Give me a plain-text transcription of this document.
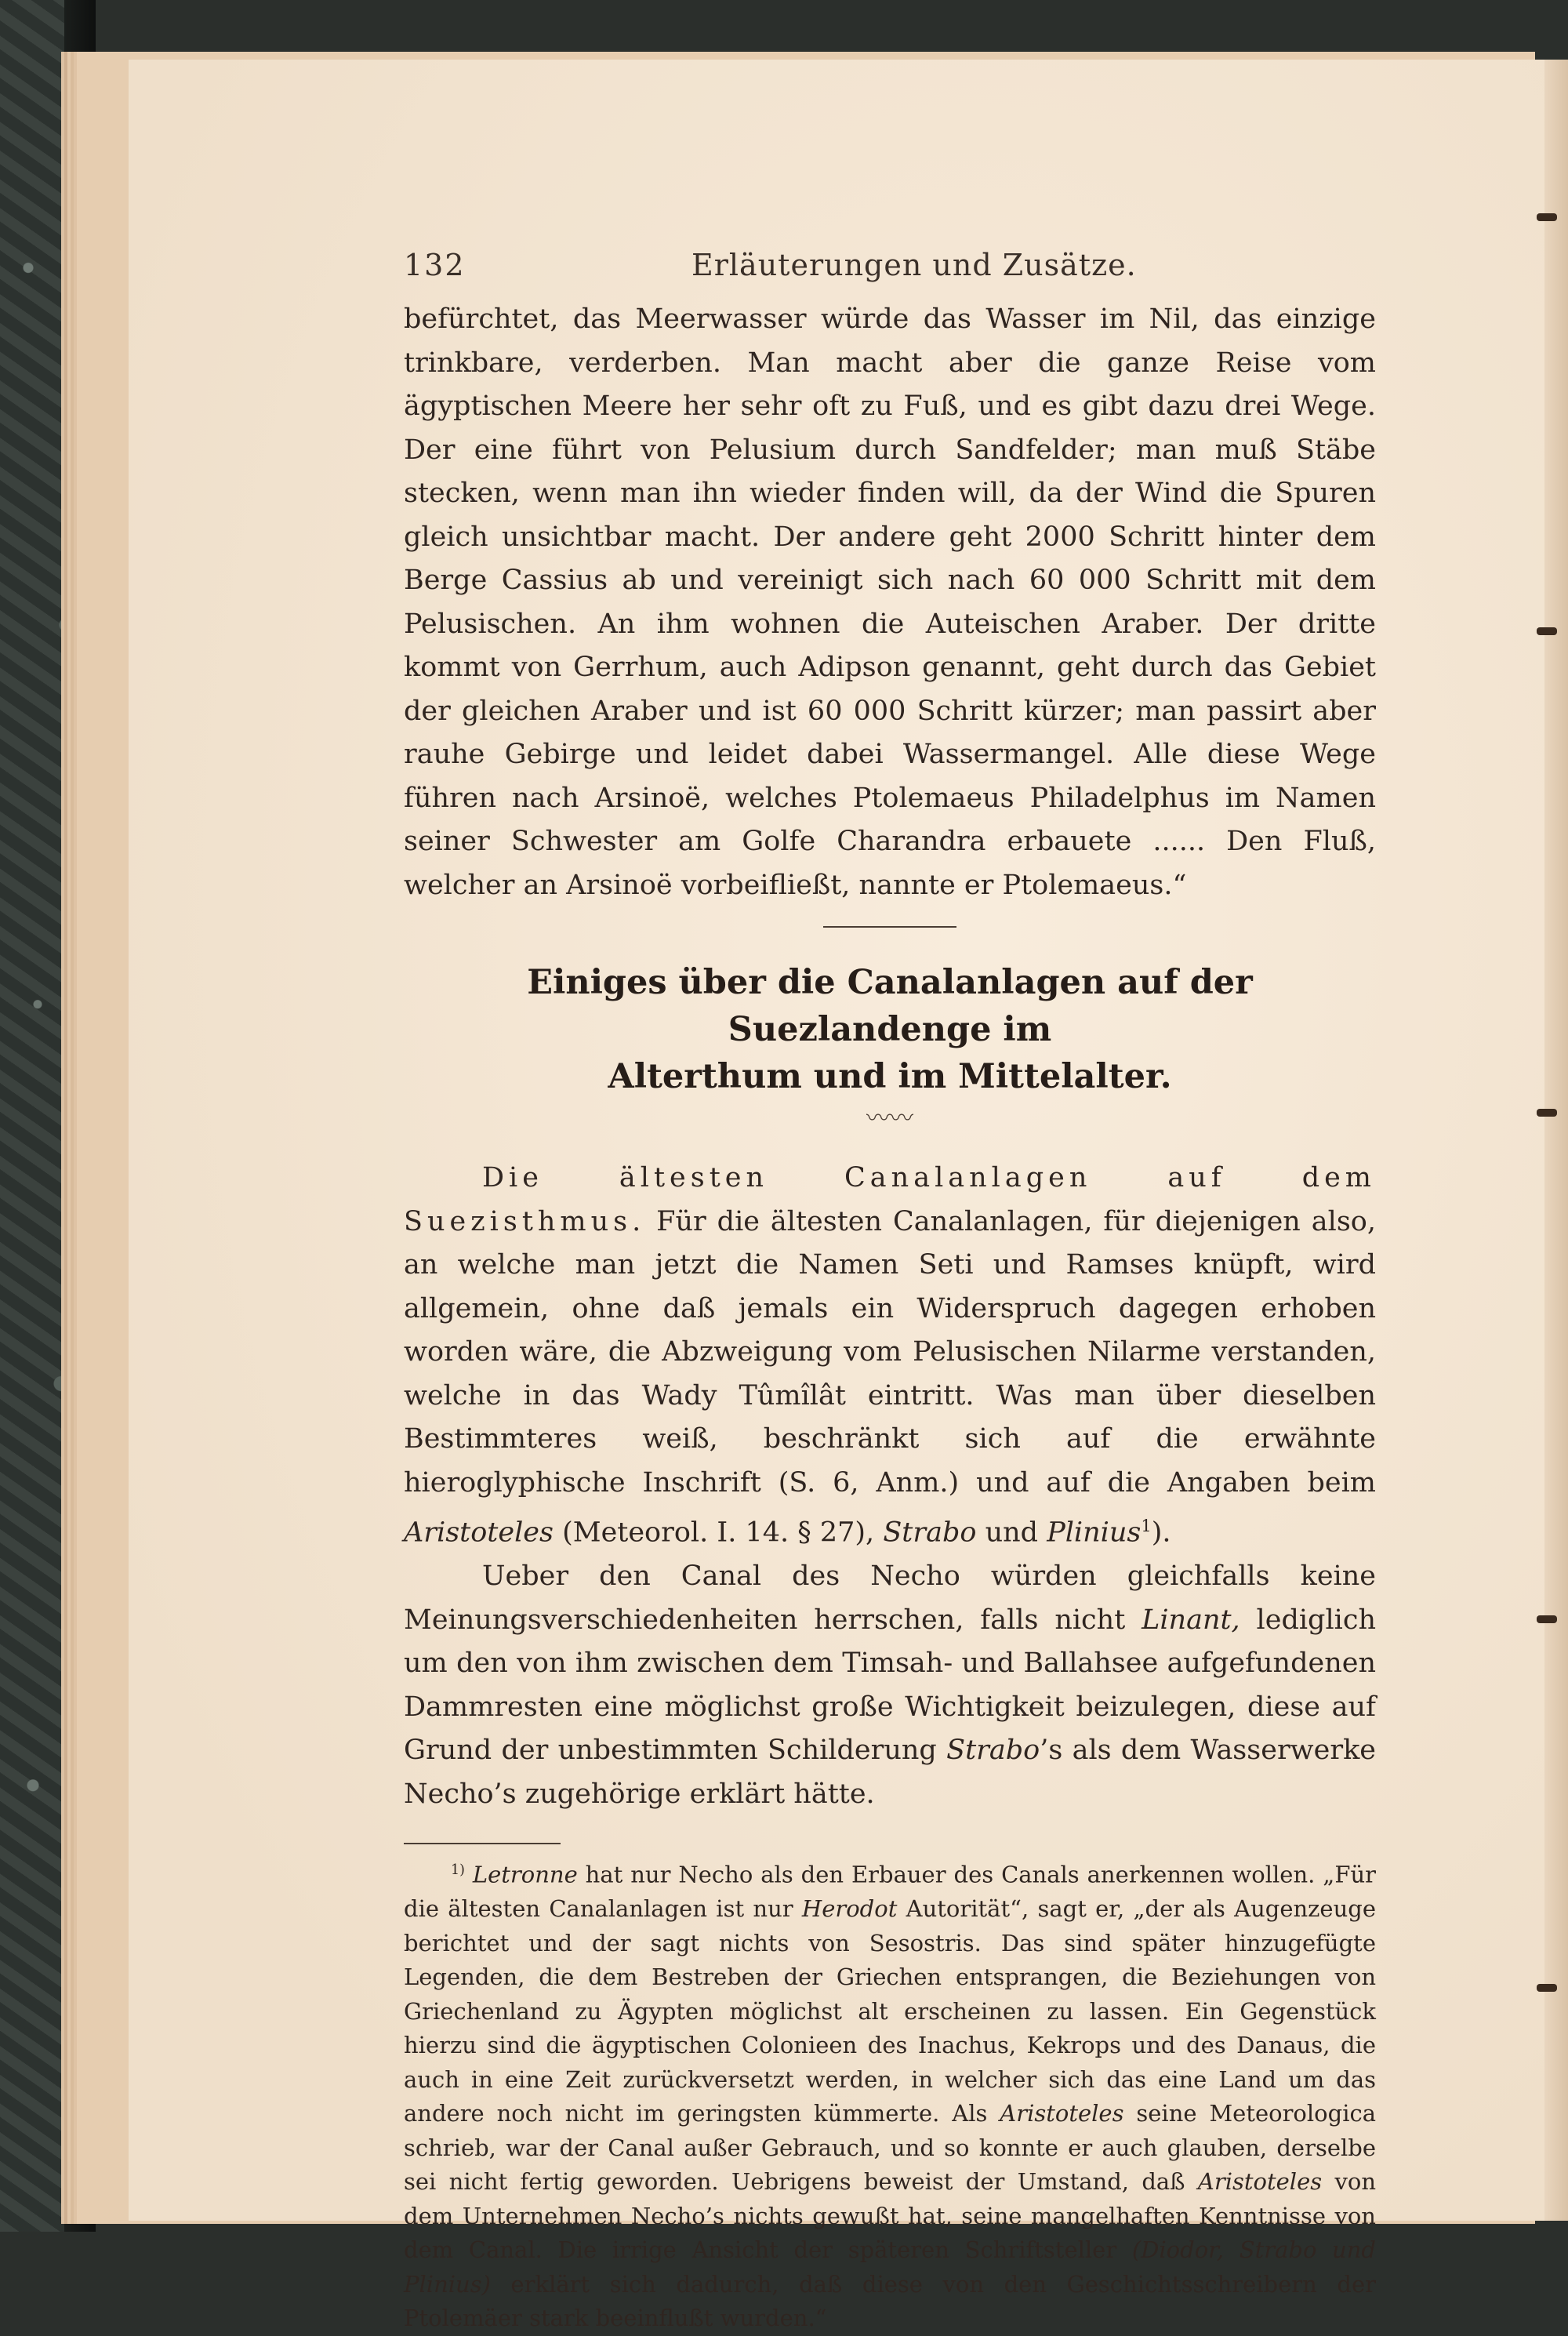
132	Erläuterungen und Zusätze.

befürchtet, das Meerwasser würde das Wasser im Nil, das einzige trinkbare, verderben. Man macht aber die ganze Reise vom ägyptischen Meere her sehr oft zu Fuß, und es gibt dazu drei Wege. Der eine führt von Pelusium durch Sandfelder; man muß Stäbe stecken, wenn man ihn wieder finden will, da der Wind die Spuren gleich unsichtbar macht. Der andere geht 2000 Schritt hinter dem Berge Cassius ab und vereinigt sich nach 60 000 Schritt mit dem Pelusischen. An ihm wohnen die Auteischen Araber. Der dritte kommt von Gerrhum, auch Adipson genannt, geht durch das Gebiet der gleichen Araber und ist 60 000 Schritt kürzer; man passirt aber rauhe Gebirge und leidet dabei Wassermangel. Alle diese Wege führen nach Arsinoë, welches Ptolemaeus Philadelphus im Namen seiner Schwester am Golfe Charandra erbauete ...... Den Fluß, welcher an Arsinoë vorbeifließt, nannte er Ptolemaeus.“

Einiges über die Canalanlagen auf der Suezlandenge im
Alterthum und im Mittelalter.
〰〰

Die ältesten Canalanlagen auf dem Suezisthmus. Für die ältesten Canalanlagen, für diejenigen also, an welche man jetzt die Namen Seti und Ramses knüpft, wird allgemein, ohne daß jemals ein Widerspruch dagegen erhoben worden wäre, die Abzweigung vom Pelusischen Nilarme verstanden, welche in das Wady Tûmîlât eintritt. Was man über dieselben Bestimmteres weiß, beschränkt sich auf die erwähnte hieroglyphische Inschrift (S. 6, Anm.) und auf die Angaben beim Aristoteles (Meteorol. I. 14. § 27), Strabo und Plinius$^1$).

Ueber den Canal des Necho würden gleichfalls keine Meinungsverschiedenheiten herrschen, falls nicht Linant, lediglich um den von ihm zwischen dem Timsah- und Ballahsee aufgefundenen Dammresten eine möglichst große Wichtigkeit beizulegen, diese auf Grund der unbestimmten Schilderung Strabo’s als dem Wasserwerke Necho’s zugehörige erklärt hätte.

$^{1)}$ Letronne hat nur Necho als den Erbauer des Canals anerkennen wollen. „Für die ältesten Canalanlagen ist nur Herodot Autorität“, sagt er, „der als Augenzeuge berichtet und der sagt nichts von Sesostris. Das sind später hinzugefügte Legenden, die dem Bestreben der Griechen entsprangen, die Beziehungen von Griechenland zu Ägypten möglichst alt erscheinen zu lassen. Ein Gegenstück hierzu sind die ägyptischen Colonieen des Inachus, Kekrops und des Danaus, die auch in eine Zeit zurückversetzt werden, in welcher sich das eine Land um das andere noch nicht im geringsten kümmerte. Als Aristoteles seine Meteorologica schrieb, war der Canal außer Gebrauch, und so konnte er auch glauben, derselbe sei nicht fertig geworden. Uebrigens beweist der Umstand, daß Aristoteles von dem Unternehmen Necho’s nichts gewußt hat, seine mangelhaften Kenntnisse von dem Canal. Die irrige Ansicht der späteren Schriftsteller (Diodor, Strabo und Plinius) erklärt sich dadurch, daß diese von den Geschichtsschreibern der Ptolemäer stark beeinflußt wurden.“
